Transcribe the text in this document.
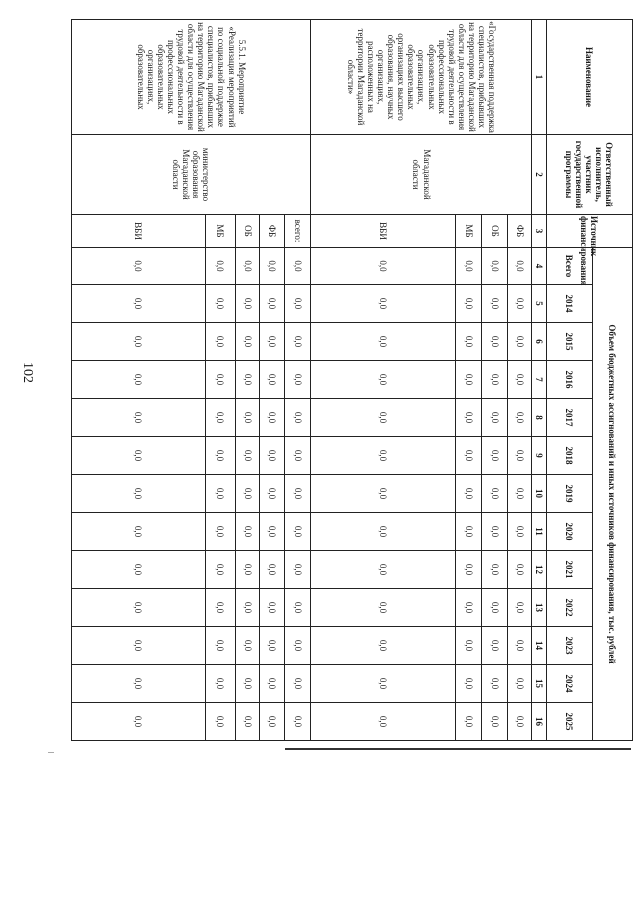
102
Наименование	Ответственный исполнитель, участник государственной программы	Источник финансирования	Объем бюджетных ассигнований и иных источников финансирования, тыс. рублей												
			Всего	2014	2015	2016	2017	2018	2019	2020	2021	2022	2023	2024	2025
1	2	3	4	5	6	7	8	9	10	11	12	13	14	15	16
«Государственная поддержка специалистов, прибывших на территорию Магаданской области для осуществления трудовой деятельности в профессиональных образовательных организациях, образовательных организациях высшего образования, научных организациях, расположенных на территории Магаданской области»	Магаданской области	ФБ	0,0	0,0	0,0	0,0	0,0	0,0	0,0	0,0	0,0	0,0	0,0	0,0	0,0
		ОБ	0,0	0,0	0,0	0,0	0,0	0,0	0,0	0,0	0,0	0,0	0,0	0,0	0,0
		МБ	0,0	0,0	0,0	0,0	0,0	0,0	0,0	0,0	0,0	0,0	0,0	0,0	0,0
		ВБИ	0,0	0,0	0,0	0,0	0,0	0,0	0,0	0,0	0,0	0,0	0,0	0,0	0,0
5.5.1. Мероприятие «Реализация мероприятий по социальной поддержке специалистов, прибывших на территорию Магаданской области для осуществления трудовой деятельности в профессиональных образовательных организациях, образовательных	министерство образования Магаданской области	всего:	0,0	0,0	0,0	0,0	0,0	0,0	0,0	0,0	0,0	0,0	0,0	0,0	0,0
		ФБ	0,0	0,0	0,0	0,0	0,0	0,0	0,0	0,0	0,0	0,0	0,0	0,0	0,0
		ОБ	0,0	0,0	0,0	0,0	0,0	0,0	0,0	0,0	0,0	0,0	0,0	0,0	0,0
		МБ	0,0	0,0	0,0	0,0	0,0	0,0	0,0	0,0	0,0	0,0	0,0	0,0	0,0
		ВБИ	0,0	0,0	0,0	0,0	0,0	0,0	0,0	0,0	0,0	0,0	0,0	0,0	0,0
